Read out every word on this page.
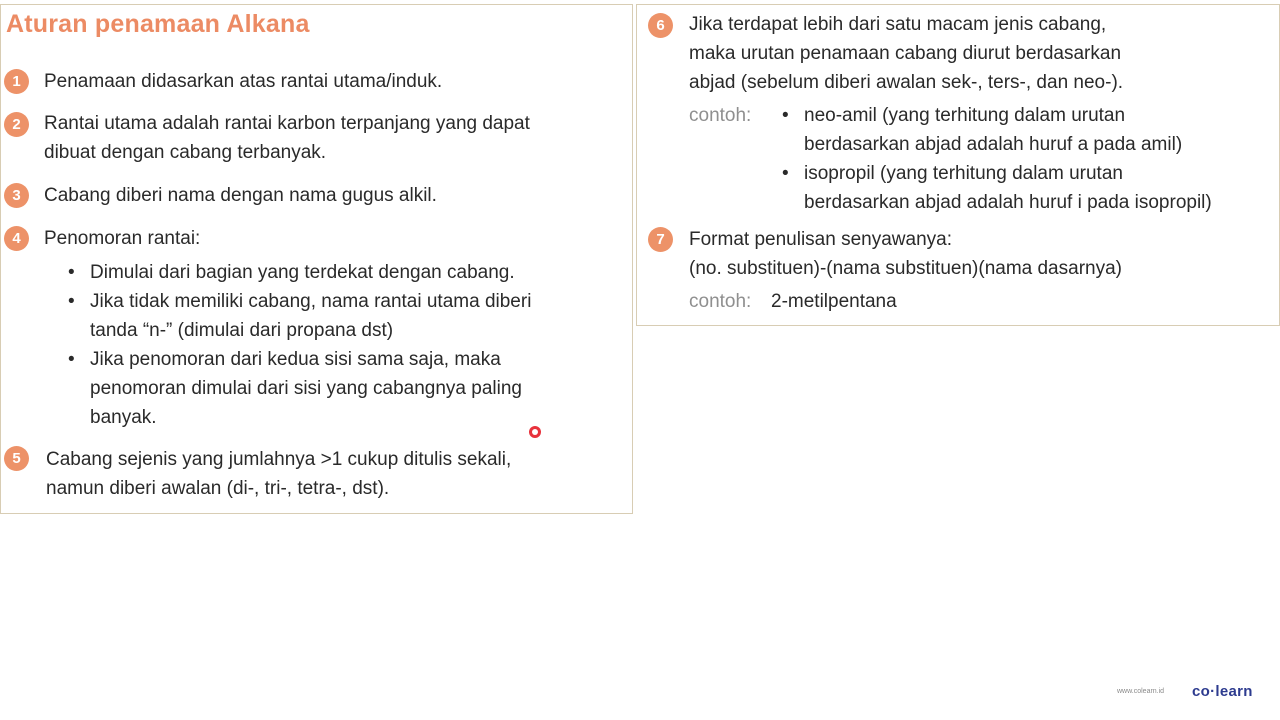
Aturan penamaan Alkana
1	Penamaan didasarkan atas rantai utama/induk.
2	Rantai utama adalah rantai karbon terpanjang yang dapat
dibuat dengan cabang terbanyak.
3	Cabang diberi nama dengan nama gugus alkil.
4	Penomoran rantai:
• Dimulai dari bagian yang terdekat dengan cabang.
• Jika tidak memiliki cabang, nama rantai utama diberi
tanda “n-” (dimulai dari propana dst)
• Jika penomoran dari kedua sisi sama saja, maka
penomoran dimulai dari sisi yang cabangnya paling
banyak.
5	Cabang sejenis yang jumlahnya >1 cukup ditulis sekali,
namun diberi awalan (di-, tri-, tetra-, dst).
6	Jika terdapat lebih dari satu macam jenis cabang,
maka urutan penamaan cabang diurut berdasarkan
abjad (sebelum diberi awalan sek-, ters-, dan neo-).
contoh:
•	neo-amil (yang terhitung dalam urutan
berdasarkan abjad adalah huruf a pada amil)
• isopropil (yang terhitung dalam urutan
berdasarkan abjad adalah huruf i pada isopropil)
7	Format penulisan senyawanya:
(no. substituen)-(nama substituen)(nama dasarnya)
contoh: 2-metilpentana
www.colearn.id co·learn
